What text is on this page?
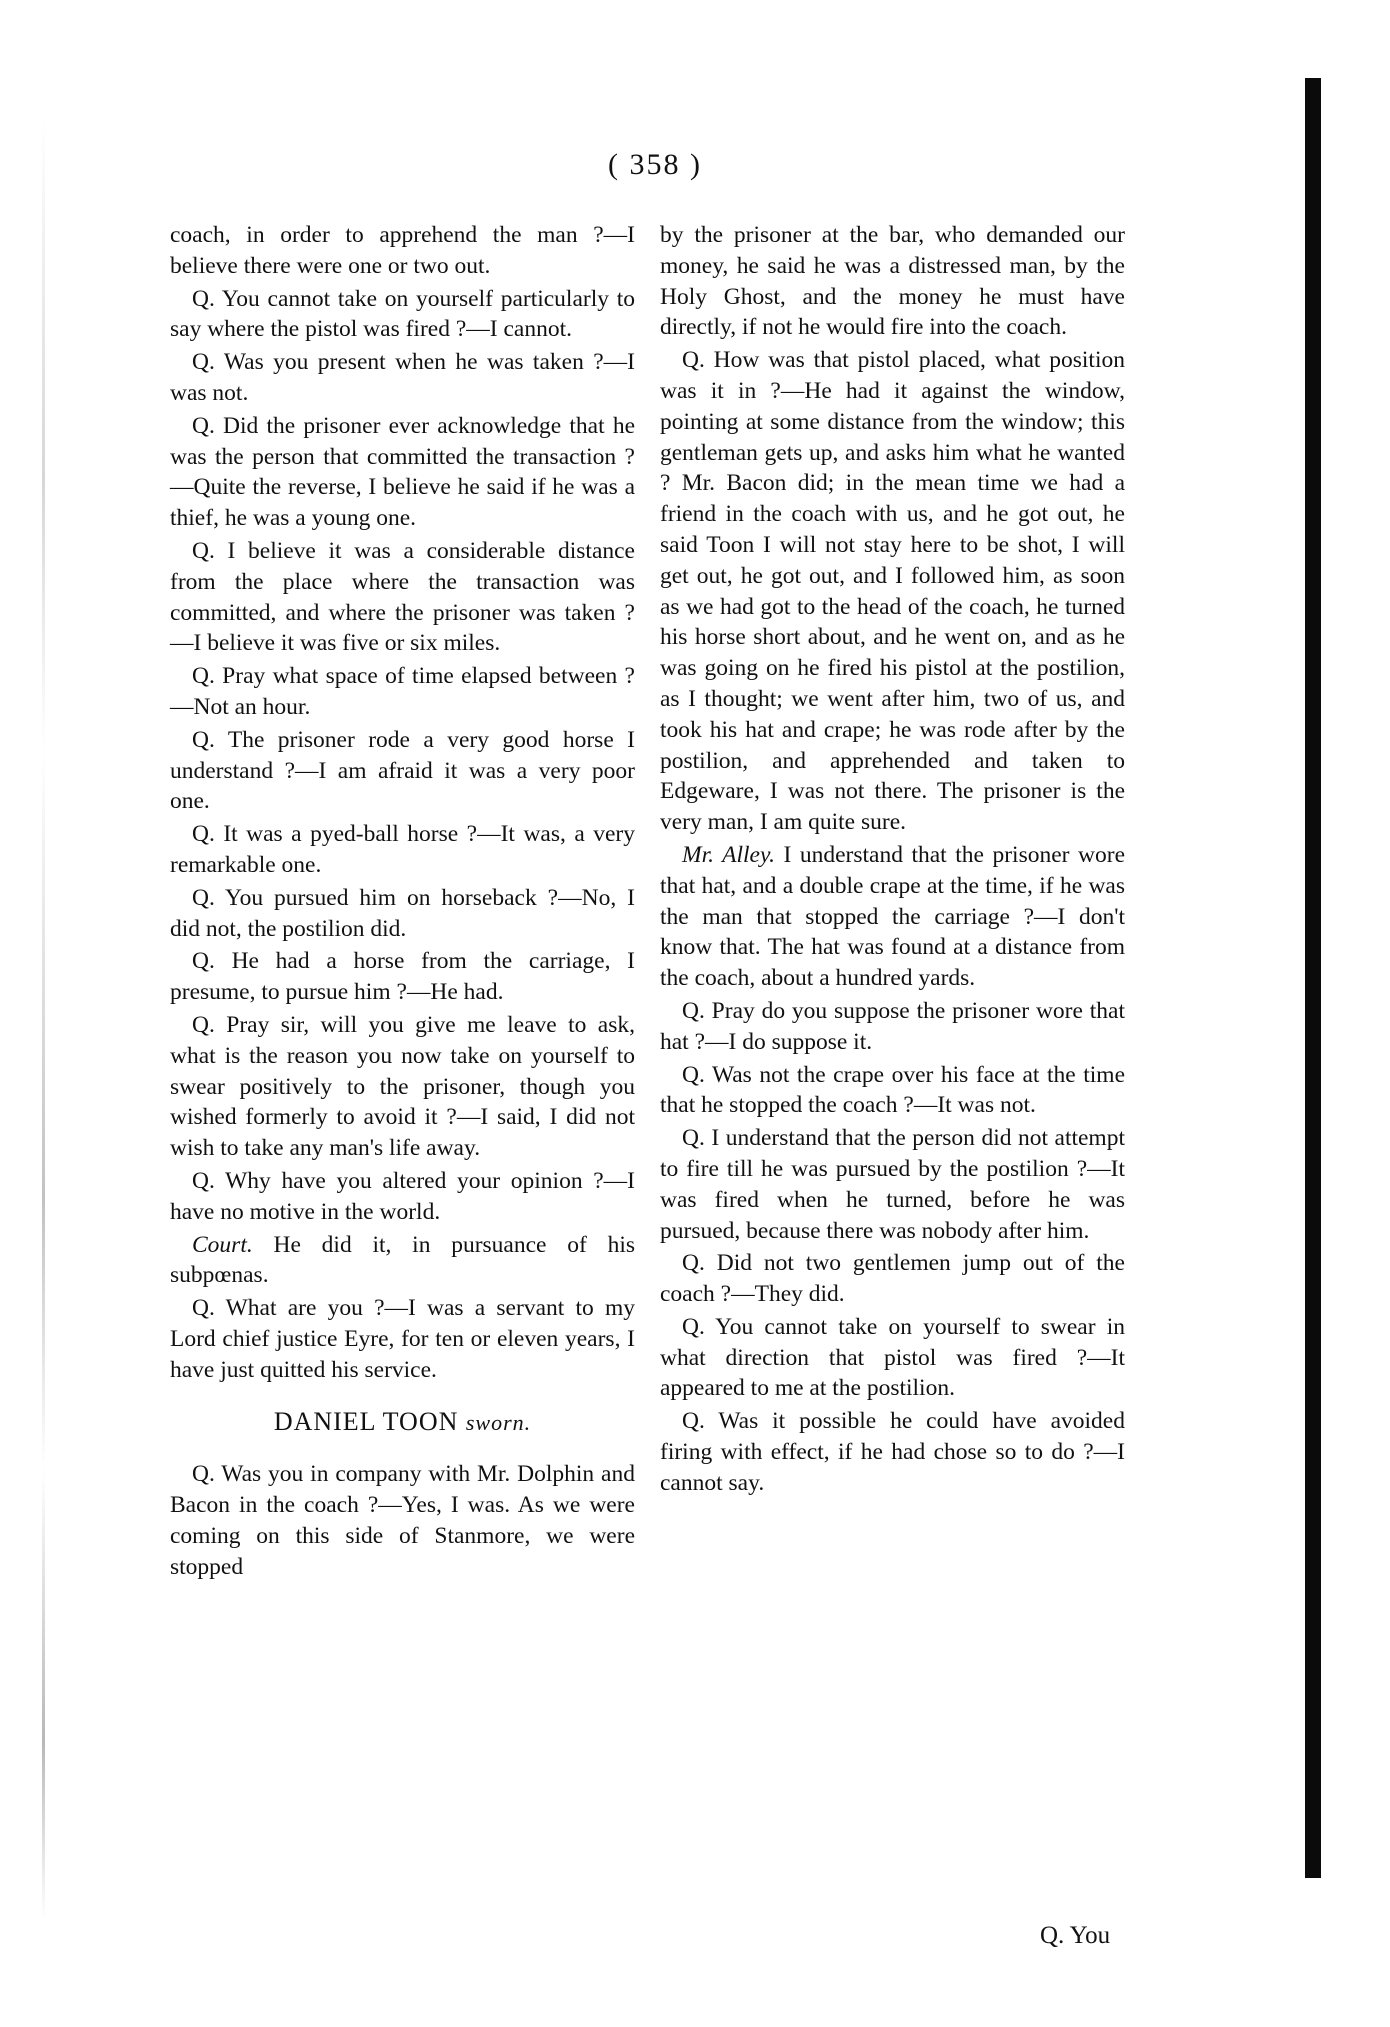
( 358 )

coach, in order to apprehend the man ?—I believe there were one or two out.

Q. You cannot take on yourself particularly to say where the pistol was fired ?—I cannot.

Q. Was you present when he was taken ?—I was not.

Q. Did the prisoner ever acknowledge that he was the person that committed the transaction ?—Quite the reverse, I believe he said if he was a thief, he was a young one.

Q. I believe it was a considerable distance from the place where the transaction was committed, and where the prisoner was taken ?—I believe it was five or six miles.

Q. Pray what space of time elapsed between ?—Not an hour.

Q. The prisoner rode a very good horse I understand ?—I am afraid it was a very poor one.

Q. It was a pyed-ball horse ?—It was, a very remarkable one.

Q. You pursued him on horseback ?—No, I did not, the postilion did.

Q. He had a horse from the carriage, I presume, to pursue him ?—He had.

Q. Pray sir, will you give me leave to ask, what is the reason you now take on yourself to swear positively to the prisoner, though you wished formerly to avoid it ?—I said, I did not wish to take any man's life away.

Q. Why have you altered your opinion ?—I have no motive in the world.

Court. He did it, in pursuance of his subpœnas.

Q. What are you ?—I was a servant to my Lord chief justice Eyre, for ten or eleven years, I have just quitted his service.

DANIEL TOON sworn.

Q. Was you in company with Mr. Dolphin and Bacon in the coach ?—Yes, I was. As we were coming on this side of Stanmore, we were stopped

by the prisoner at the bar, who demanded our money, he said he was a distressed man, by the Holy Ghost, and the money he must have directly, if not he would fire into the coach.

Q. How was that pistol placed, what position was it in ?—He had it against the window, pointing at some distance from the window; this gentleman gets up, and asks him what he wanted ? Mr. Bacon did; in the mean time we had a friend in the coach with us, and he got out, he said Toon I will not stay here to be shot, I will get out, he got out, and I followed him, as soon as we had got to the head of the coach, he turned his horse short about, and he went on, and as he was going on he fired his pistol at the postilion, as I thought; we went after him, two of us, and took his hat and crape; he was rode after by the postilion, and apprehended and taken to Edgeware, I was not there. The prisoner is the very man, I am quite sure.

Mr. Alley. I understand that the prisoner wore that hat, and a double crape at the time, if he was the man that stopped the carriage ?—I don't know that. The hat was found at a distance from the coach, about a hundred yards.

Q. Pray do you suppose the prisoner wore that hat ?—I do suppose it.

Q. Was not the crape over his face at the time that he stopped the coach ?—It was not.

Q. I understand that the person did not attempt to fire till he was pursued by the postilion ?—It was fired when he turned, before he was pursued, because there was nobody after him.

Q. Did not two gentlemen jump out of the coach ?—They did.

Q. You cannot take on yourself to swear in what direction that pistol was fired ?—It appeared to me at the postilion.

Q. Was it possible he could have avoided firing with effect, if he had chose so to do ?—I cannot say.

Q. You
